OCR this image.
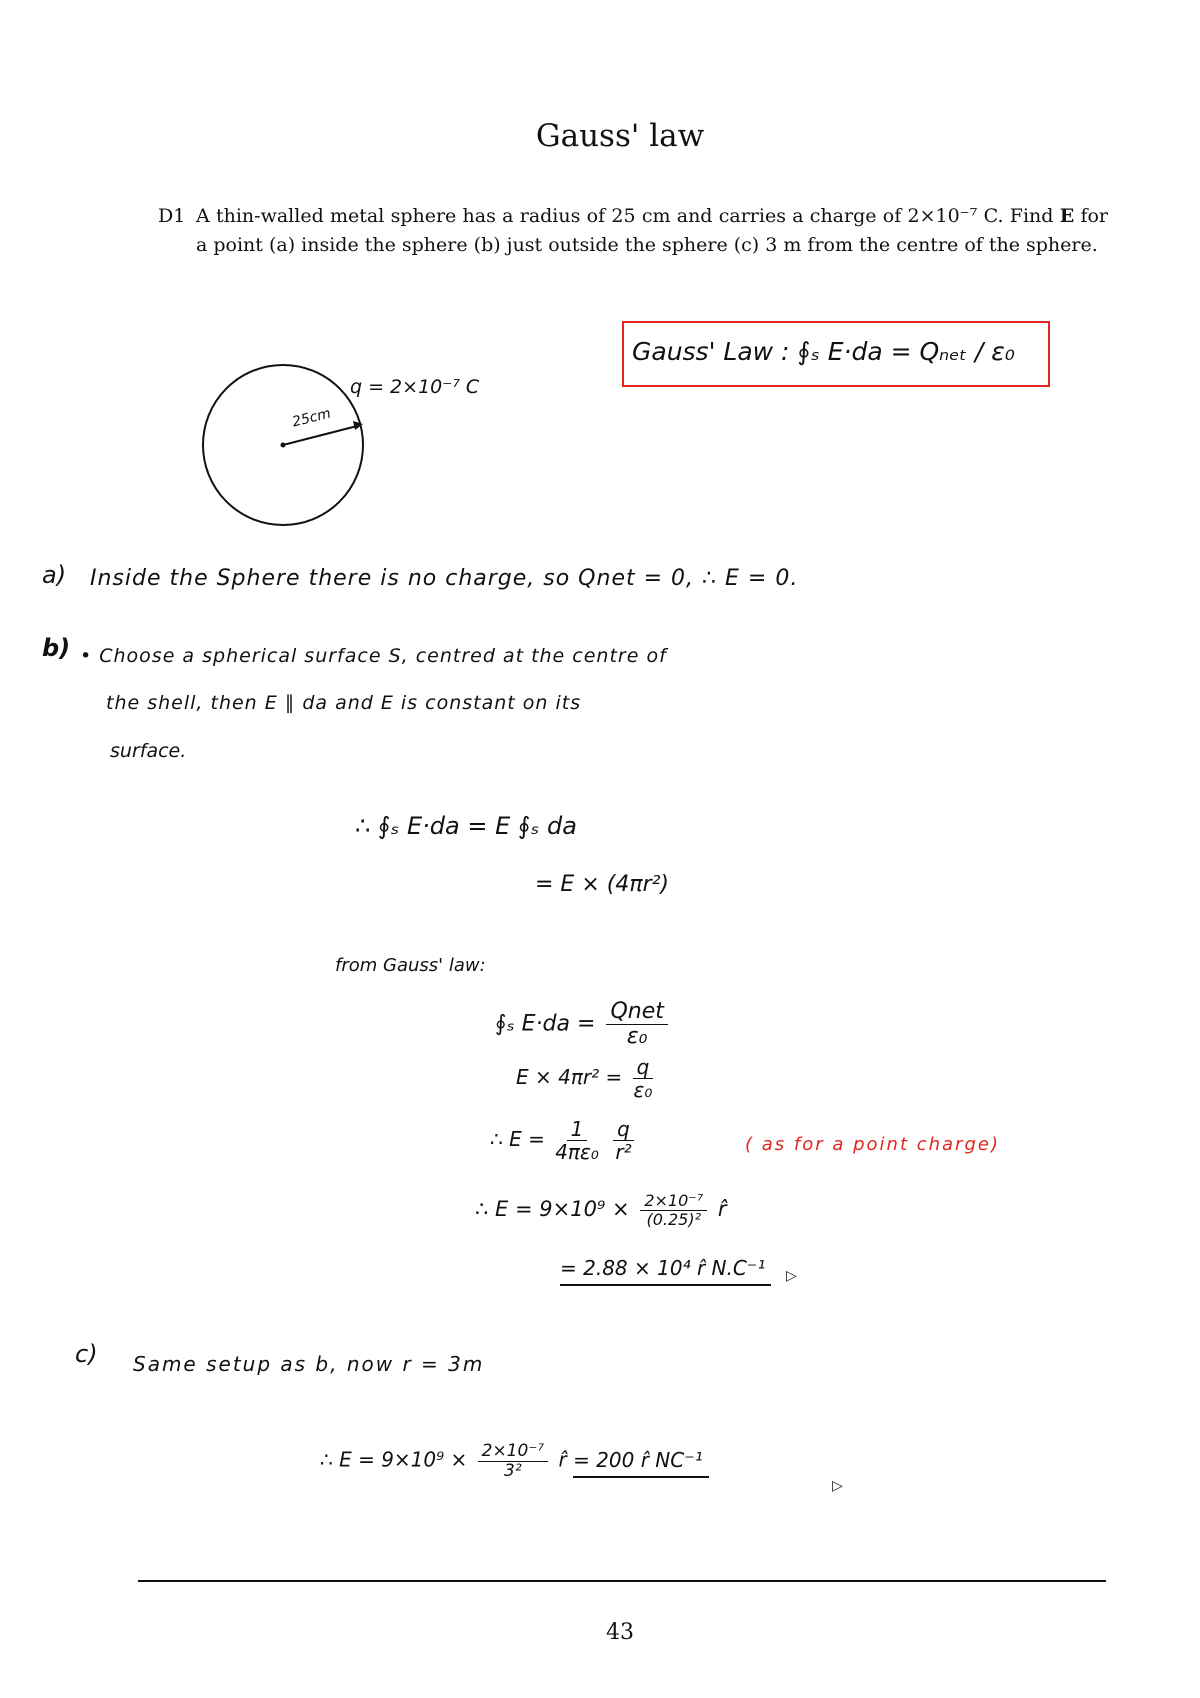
Gauss' law
D1 A thin-walled metal sphere has a radius of 25 cm and carries a charge of 2×10⁻⁷ C. Find E for a point (a) inside the sphere (b) just outside the sphere (c) 3 m from the centre of the sphere.
Gauss' Law : ∮ₛ E·da = Qₙₑₜ / ε₀
q = 2×10⁻⁷ C
25cm
a) Inside the Sphere there is no charge, so Qnet = 0, ∴ E = 0.
b) • Choose a spherical surface S, centred at the centre of
the shell, then E ∥ da and E is constant on its
surface.
∴ ∮ₛ E·da = E ∮ₛ da
= E × (4πr²)
from Gauss' law:
∮ₛ $E\cdot da = \frac{\text{Qnet}}{\text{ε₀}}$
$E \times 4\pi r^2 = \frac{q}{\text{ε₀}}$
∴ $E = \frac{1}{\text{4πε₀}}$
$\frac{q}{\text{r²}}$	( as for a point charge)
∴ $E = 9\times 10^9 \times \frac{\text{2×10⁻⁷}}{\text{(0.25)²}}$ r̂
= 2.88 × 10⁴ r̂ N.C⁻¹	▷
c) Same setup as b, now r = 3m
∴ $E = 9\times 10^9 \times \frac{\text{2×10⁻⁷}}{\text{3²}}$ r̂ = 200 r̂ NC⁻¹
▷
43
